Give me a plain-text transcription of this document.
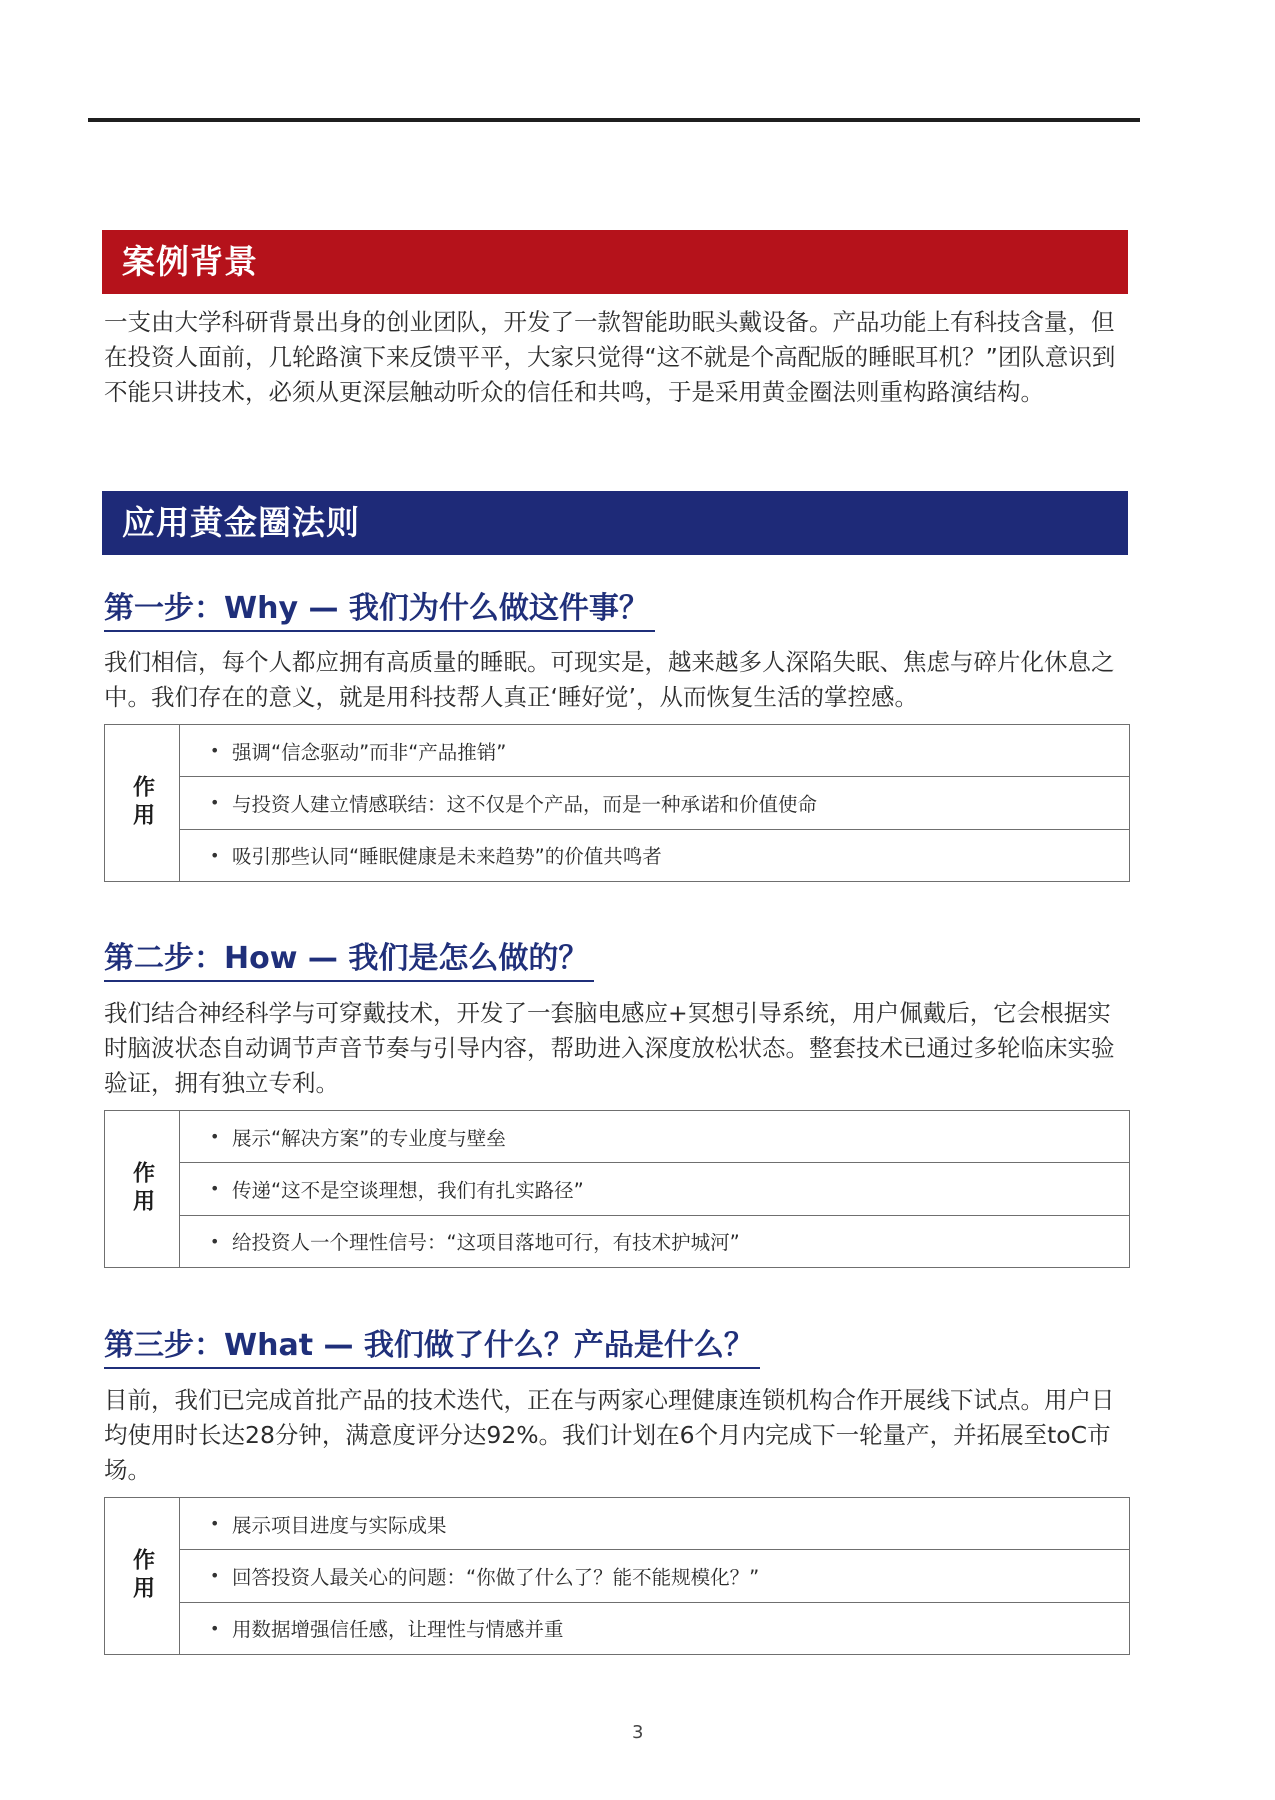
案例背景

一支由大学科研背景出身的创业团队，开发了一款智能助眠头戴设备。产品功能上有科技含量，但在投资人面前，几轮路演下来反馈平平，大家只觉得“这不就是个高配版的睡眠耳机？”团队意识到不能只讲技术，必须从更深层触动听众的信任和共鸣，于是采用黄金圈法则重构路演结构。

应用黄金圈法则
第一步：Why — 我们为什么做这件事？

我们相信，每个人都应拥有高质量的睡眠。可现实是，越来越多人深陷失眠、焦虑与碎片化休息之中。我们存在的意义，就是用科技帮人真正‘睡好觉’，从而恢复生活的掌控感。

作用
• 强调“信念驱动”而非“产品推销”
• 与投资人建立情感联结：这不仅是个产品，而是一种承诺和价值使命
• 吸引那些认同“睡眠健康是未来趋势”的价值共鸣者
第二步：How — 我们是怎么做的？

我们结合神经科学与可穿戴技术，开发了一套脑电感应+冥想引导系统，用户佩戴后，它会根据实时脑波状态自动调节声音节奏与引导内容，帮助进入深度放松状态。整套技术已通过多轮临床实验验证，拥有独立专利。

作用
• 展示“解决方案”的专业度与壁垒
• 传递“这不是空谈理想，我们有扎实路径”
• 给投资人一个理性信号：“这项目落地可行，有技术护城河”
第三步：What — 我们做了什么？产品是什么？

目前，我们已完成首批产品的技术迭代，正在与两家心理健康连锁机构合作开展线下试点。用户日均使用时长达28分钟，满意度评分达92%。我们计划在6个月内完成下一轮量产，并拓展至toC市场。

作用
• 展示项目进度与实际成果
• 回答投资人最关心的问题：“你做了什么了？能不能规模化？”
• 用数据增强信任感，让理性与情感并重
3
